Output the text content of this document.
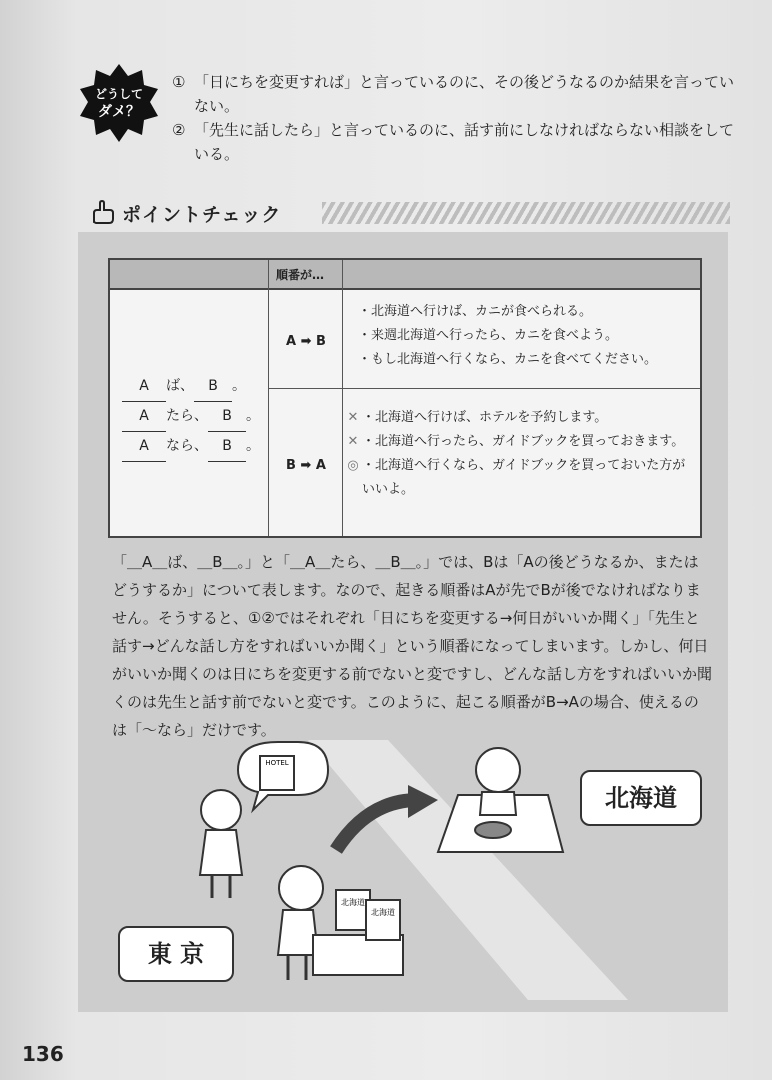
どうして
ダメ？
① 「日にちを変更すれば」と言っているのに、その後どうなるのか結果を言っていない。
② 「先生に話したら」と言っているのに、話す前にしなければならない相談をしている。
ポイントチェック
順番が…
A ば、 B 。
A たら、 B 。
A なら、 B 。
A ➡ B
・北海道へ行けば、カニが食べられる。
・来週北海道へ行ったら、カニを食べよう。
・もし北海道へ行くなら、カニを食べてください。
B ➡ A
✕ ・北海道へ行けば、ホテルを予約します。
✕ ・北海道へ行ったら、ガイドブックを買っておきます。
◎ ・北海道へ行くなら、ガイドブックを買っておいた方がいいよ。
「＿A＿ば、＿B＿。」と「＿A＿たら、＿B＿。」では、Bは「Aの後どうなるか、またはどうするか」について表します。なので、起きる順番はAが先でBが後でなければなりません。そうすると、①②ではそれぞれ「日にちを変更する→何日がいいか聞く」「先生と話す→どんな話し方をすればいいか聞く」という順番になってしまいます。しかし、何日がいいか聞くのは日にちを変更する前でないと変ですし、どんな話し方をすればいいか聞くのは先生と話す前でないと変です。このように、起こる順番がB→Aの場合、使えるのは「〜なら」だけです。
HOTEL
北海道
北海道
北海道
東 京
136
